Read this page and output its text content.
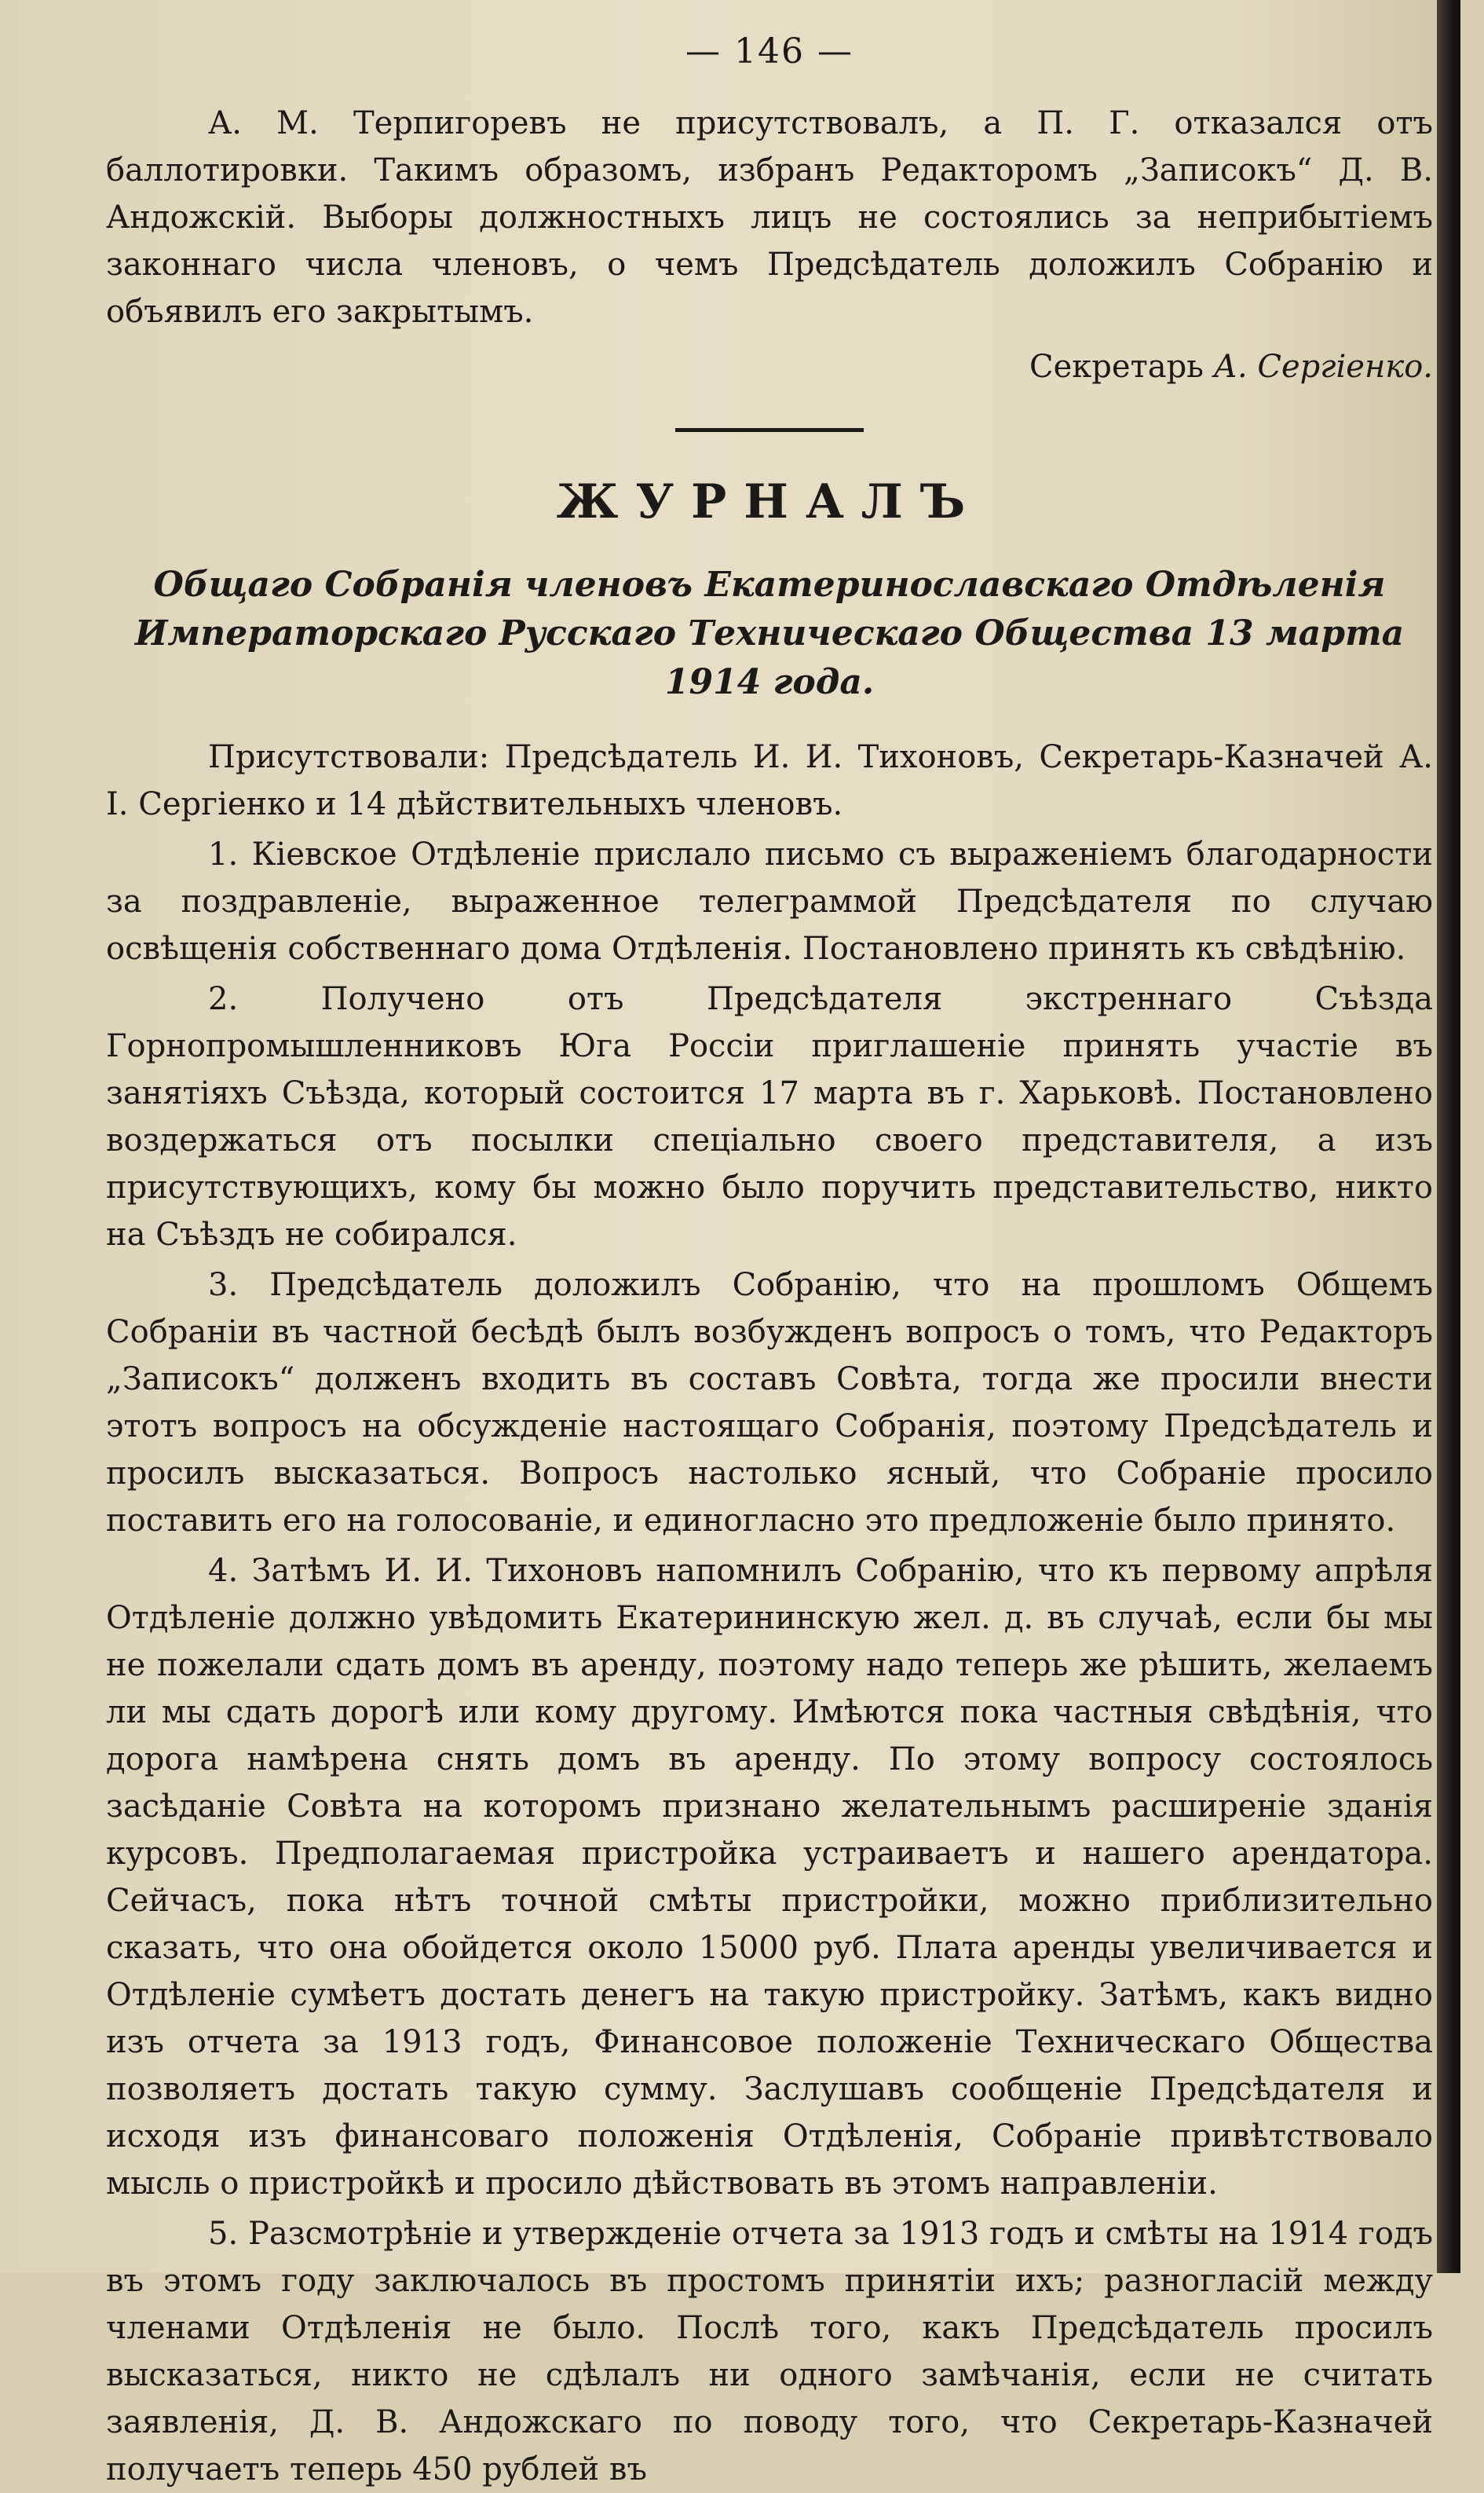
— 146 —

А. М. Терпигоревъ не присутствовалъ, а П. Г. отказался отъ баллотировки. Такимъ образомъ, избранъ Редакторомъ „Записокъ“ Д. В. Андожскій. Выборы должностныхъ лицъ не состоялись за неприбытіемъ законнаго числа членовъ, о чемъ Предсѣдатель доложилъ Собранію и объявилъ его закрытымъ.

Секретарь А. Сергіенко.
ЖУРНАЛЪ
Общаго Собранія членовъ Екатеринославскаго Отдѣленія Императорскаго Русскаго Техническаго Общества 13 марта 1914 года.

Присутствовали: Предсѣдатель И. И. Тихоновъ, Секретарь-Казначей А. І. Сергіенко и 14 дѣйствительныхъ членовъ.

1. Кіевское Отдѣленіе прислало письмо съ выраженіемъ благодарности за поздравленіе, выраженное телеграммой Предсѣдателя по случаю освѣщенія собственнаго дома Отдѣленія. Постановлено принять къ свѣдѣнію.

2. Получено отъ Предсѣдателя экстреннаго Съѣзда Горнопромышленниковъ Юга Россіи приглашеніе принять участіе въ занятіяхъ Съѣзда, который состоится 17 марта въ г. Харьковѣ. Постановлено воздержаться отъ посылки спеціально своего представителя, а изъ присутствующихъ, кому бы можно было поручить представительство, никто на Съѣздъ не собирался.

3. Предсѣдатель доложилъ Собранію, что на прошломъ Общемъ Собраніи въ частной бесѣдѣ былъ возбужденъ вопросъ о томъ, что Редакторъ „Записокъ“ долженъ входить въ составъ Совѣта, тогда же просили внести этотъ вопросъ на обсужденіе настоящаго Собранія, поэтому Предсѣдатель и просилъ высказаться. Вопросъ настолько ясный, что Собраніе просило поставить его на голосованіе, и единогласно это предложеніе было принято.

4. Затѣмъ И. И. Тихоновъ напомнилъ Собранію, что къ первому апрѣля Отдѣленіе должно увѣдомить Екатерининскую жел. д. въ случаѣ, если бы мы не пожелали сдать домъ въ аренду, поэтому надо теперь же рѣшить, желаемъ ли мы сдать дорогѣ или кому другому. Имѣются пока частныя свѣдѣнія, что дорога намѣрена снять домъ въ аренду. По этому вопросу состоялось засѣданіе Совѣта на которомъ признано желательнымъ расширеніе зданія курсовъ. Предполагаемая пристройка устраиваетъ и нашего арендатора. Сейчасъ, пока нѣтъ точной смѣты пристройки, можно приблизительно сказать, что она обойдется около 15000 руб. Плата аренды увеличивается и Отдѣленіе сумѣетъ достать денегъ на такую пристройку. Затѣмъ, какъ видно изъ отчета за 1913 годъ, Финансовое положеніе Техническаго Общества позволяетъ достать такую сумму. Заслушавъ сообщеніе Предсѣдателя и исходя изъ финансоваго положенія Отдѣленія, Собраніе привѣтствовало мысль о пристройкѣ и просило дѣйствовать въ этомъ направленіи.

5. Разсмотрѣніе и утвержденіе отчета за 1913 годъ и смѣты на 1914 годъ въ этомъ году заключалось въ простомъ принятіи ихъ; разногласій между членами Отдѣленія не было. Послѣ того, какъ Предсѣдатель просилъ высказаться, никто не сдѣлалъ ни одного замѣчанія, если не считать заявленія, Д. В. Андожскаго по поводу того, что Секретарь-Казначей получаетъ теперь 450 рублей въ
